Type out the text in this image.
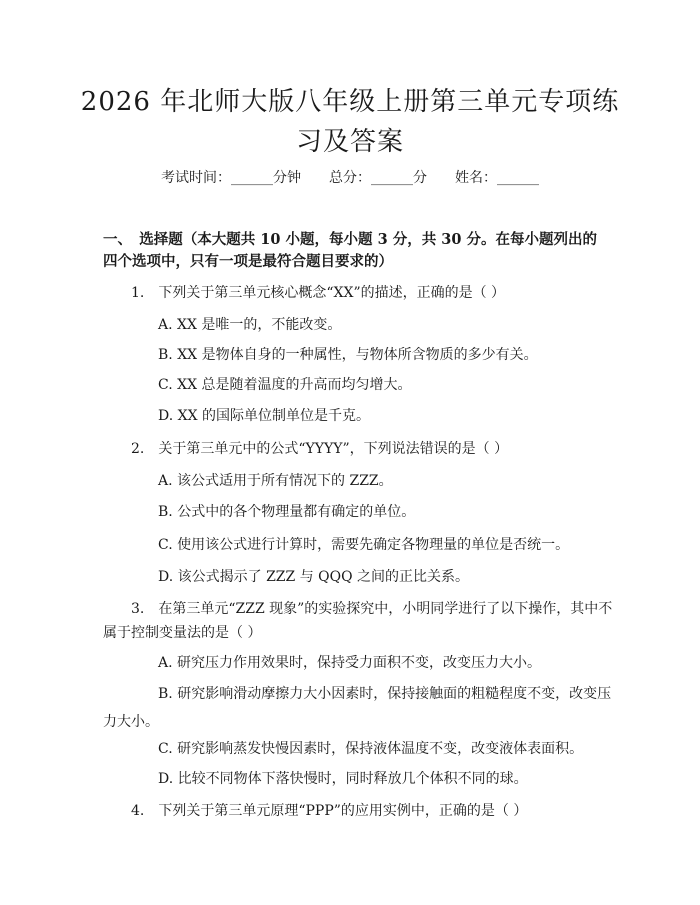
2026 年北师大版八年级上册第三单元专项练习及答案
考试时间：______分钟 总分：______分 姓名：______
一、　选择题（本大题共 10 小题，每小题 3 分，共 30 分。在每小题列出的四个选项中，只有一项是最符合题目要求的）
1.　下列关于第三单元核心概念“XX”的描述，正确的是（ ）
A. XX 是唯一的，不能改变。
B. XX 是物体自身的一种属性，与物体所含物质的多少有关。
C. XX 总是随着温度的升高而均匀增大。
D. XX 的国际单位制单位是千克。
2.　关于第三单元中的公式“YYYY”，下列说法错误的是（ ）
A. 该公式适用于所有情况下的 ZZZ。
B. 公式中的各个物理量都有确定的单位。
C. 使用该公式进行计算时，需要先确定各物理量的单位是否统一。
D. 该公式揭示了 ZZZ 与 QQQ 之间的正比关系。
3.　在第三单元“ZZZ 现象”的实验探究中，小明同学进行了以下操作，其中不属于控制变量法的是（ ）
A. 研究压力作用效果时，保持受力面积不变，改变压力大小。
B. 研究影响滑动摩擦力大小因素时，保持接触面的粗糙程度不变，改变压力大小。
C. 研究影响蒸发快慢因素时，保持液体温度不变，改变液体表面积。
D. 比较不同物体下落快慢时，同时释放几个体积不同的球。
4.　下列关于第三单元原理“PPP”的应用实例中，正确的是（ ）
